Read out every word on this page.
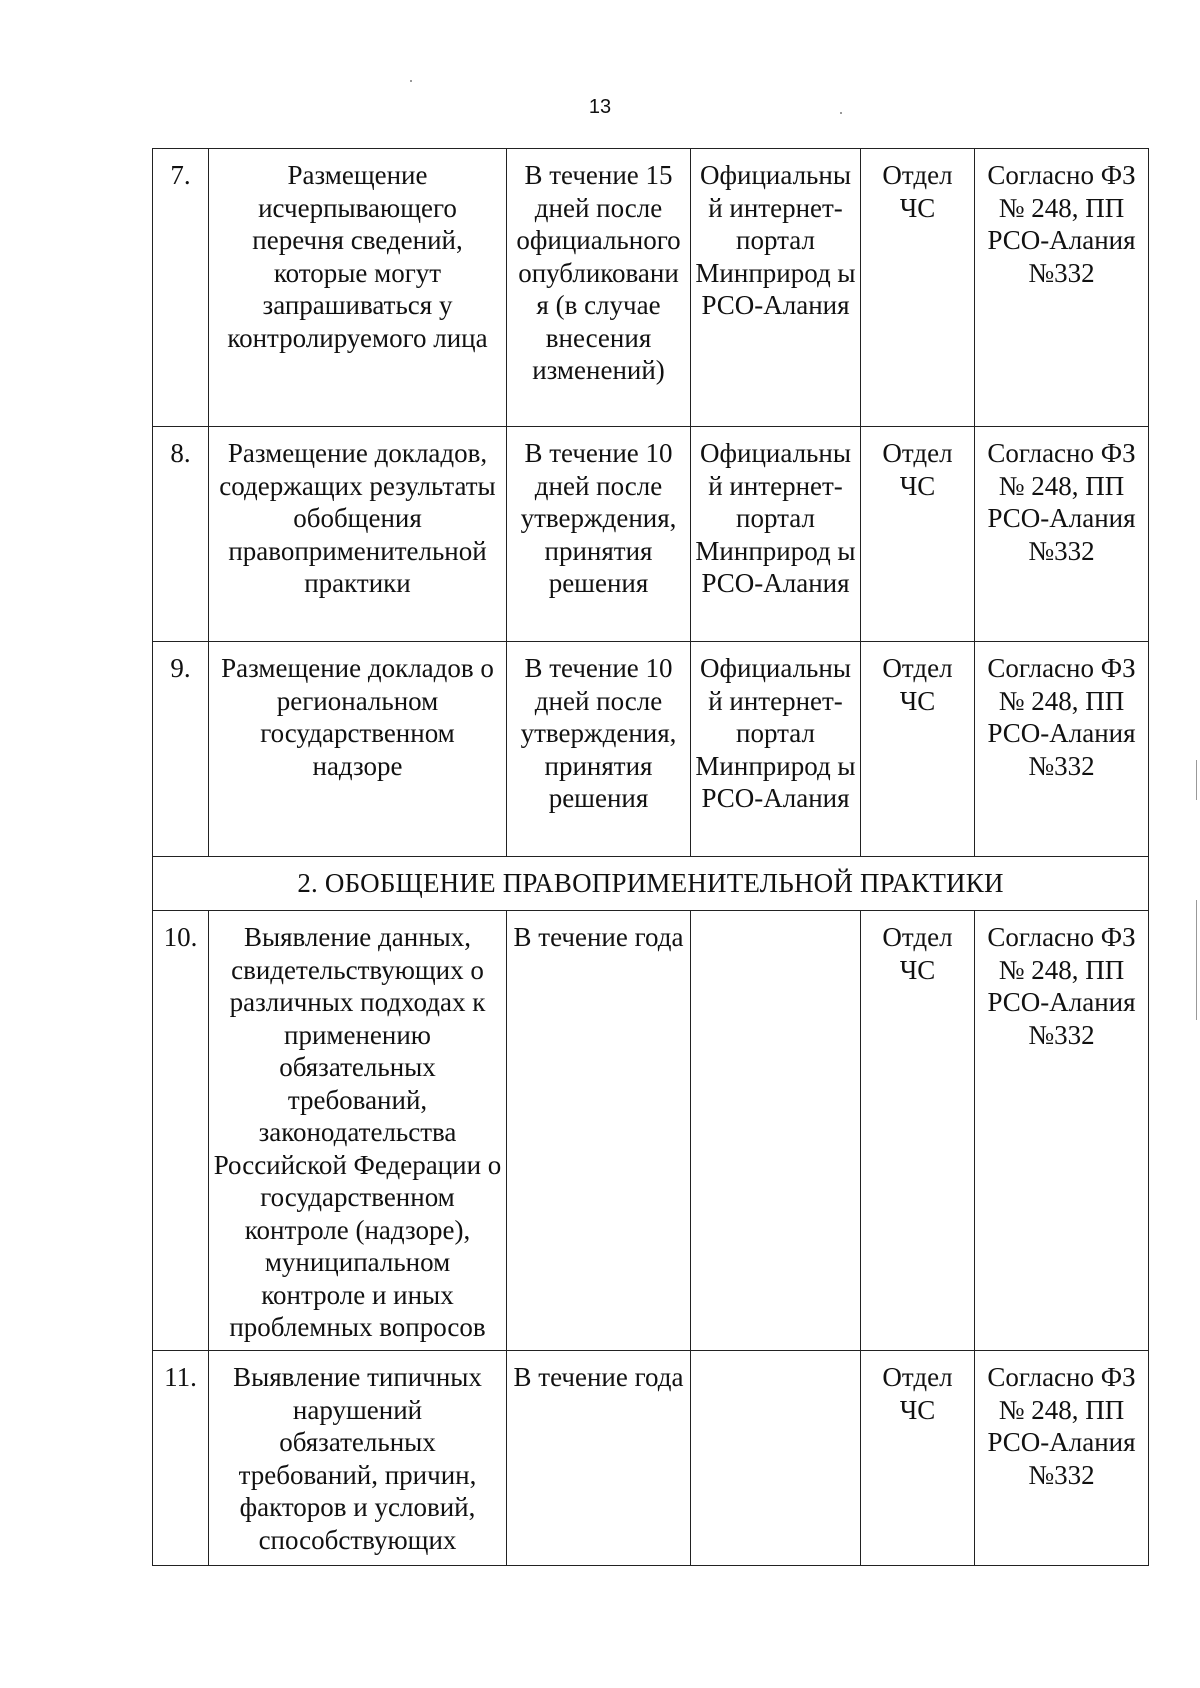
13
7.	Размещение исчерпывающего перечня сведений, которые могут запрашиваться у контролируемого лица	В течение 15 дней после официального опубликовани я (в случае внесения изменений)	Официальны й интернет-портал Минприрод ы РСО-Алания	Отдел ЧС	Согласно ФЗ № 248, ПП РСО-Алания №332
8.	Размещение докладов, содержащих результаты обобщения правоприменительной практики	В течение 10 дней после утверждения, принятия решения	Официальны й интернет-портал Минприрод ы РСО-Алания	Отдел ЧС	Согласно ФЗ № 248, ПП РСО-Алания №332
9.	Размещение докладов о региональном государственном надзоре	В течение 10 дней после утверждения, принятия решения	Официальны й интернет-портал Минприрод ы РСО-Алания	Отдел ЧС	Согласно ФЗ № 248, ПП РСО-Алания №332
2. ОБОБЩЕНИЕ ПРАВОПРИМЕНИТЕЛЬНОЙ ПРАКТИКИ					
10.	Выявление данных, свидетельствующих о различных подходах к применению обязательных требований, законодательства Российской Федерации о государственном контроле (надзоре), муниципальном контроле и иных проблемных вопросов	В течение года		Отдел ЧС	Согласно ФЗ № 248, ПП РСО-Алания №332
11.	Выявление типичных нарушений обязательных требований, причин, факторов и условий, способствующих	В течение года		Отдел ЧС	Согласно ФЗ № 248, ПП РСО-Алания №332
